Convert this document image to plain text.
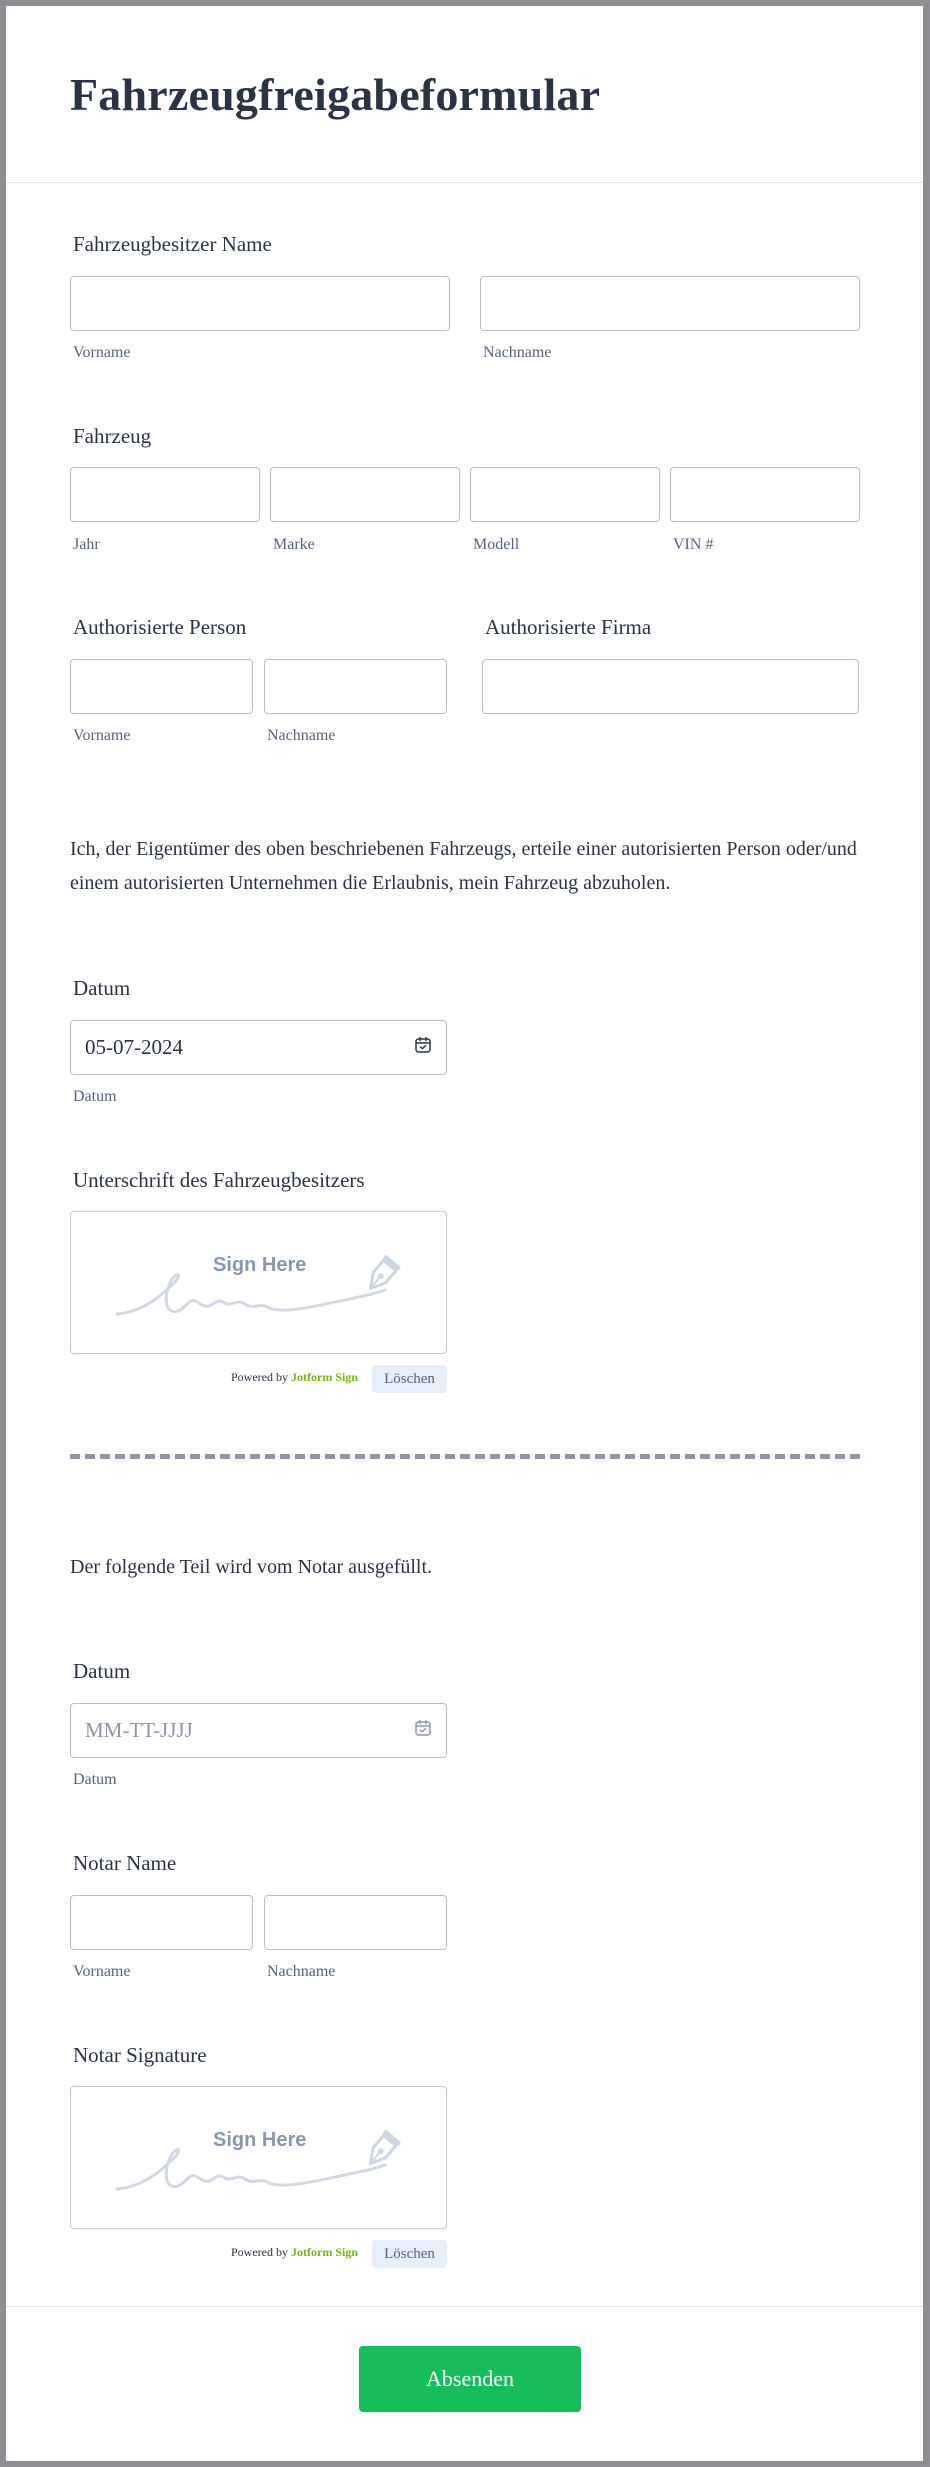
Fahrzeugfreigabeformular
Fahrzeugbesitzer Name
Vorname	Nachname
Fahrzeug
Jahr	Marke	Modell	VIN #
Authorisierte Person
Vorname	Nachname
Authorisierte Firma
Ich, der Eigentümer des oben beschriebenen Fahrzeugs, erteile einer autorisierten Person oder/und einem autorisierten Unternehmen die Erlaubnis, mein Fahrzeug abzuholen.
Datum
05-07-2024
Datum
Unterschrift des Fahrzeugbesitzers
Sign Here
Powered by Jotform Sign	Löschen
Der folgende Teil wird vom Notar ausgefüllt.
Datum
MM-TT-JJJJ
Datum
Notar Name
Vorname	Nachname
Notar Signature
Sign Here
Powered by Jotform Sign	Löschen
Absenden
